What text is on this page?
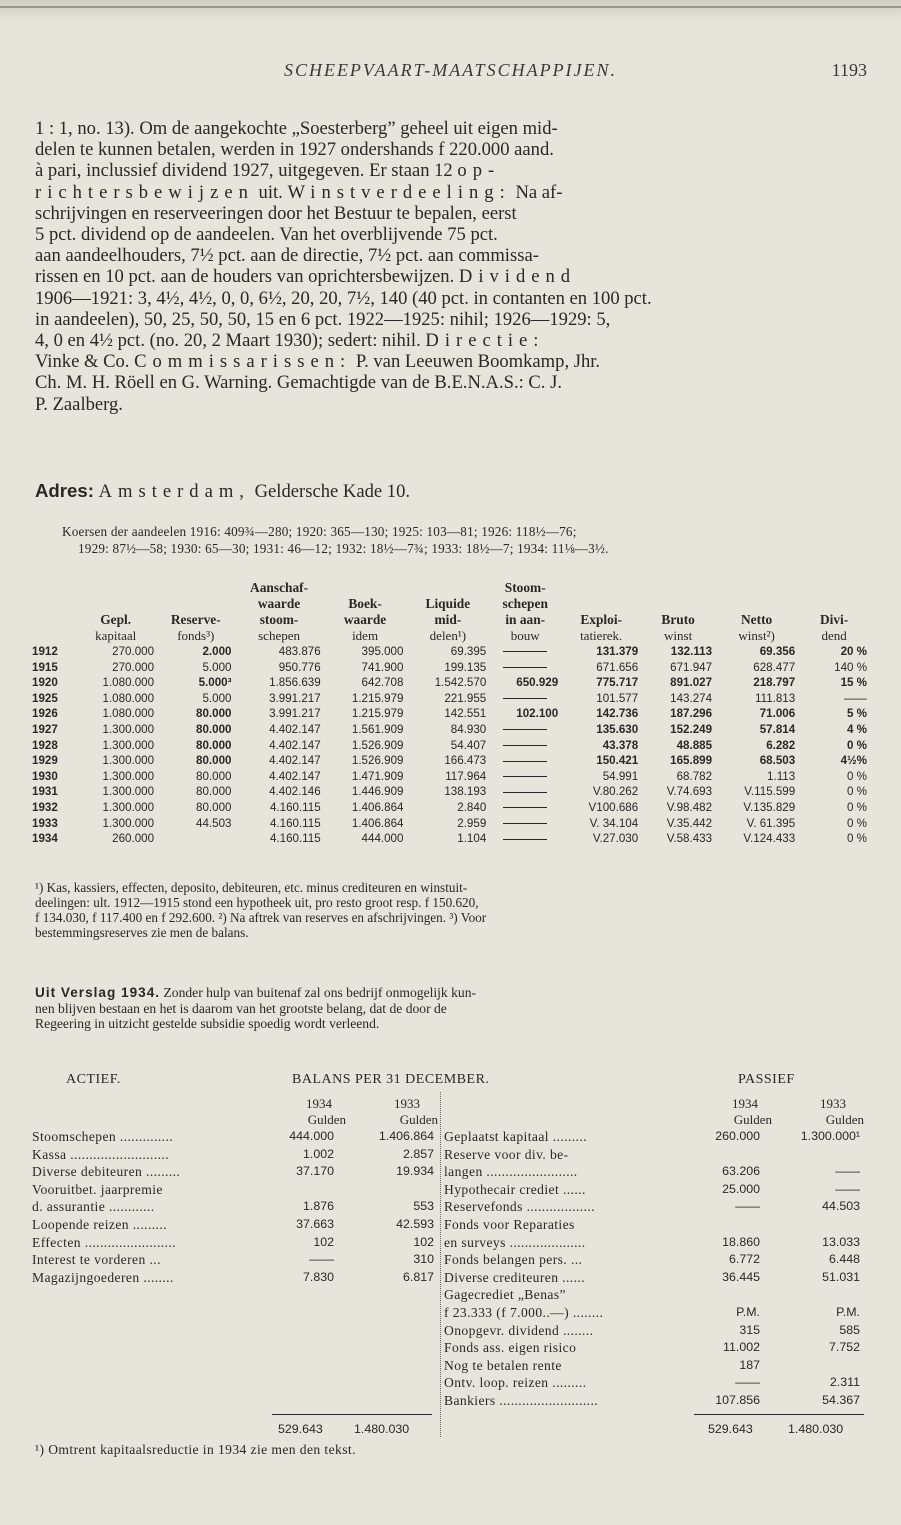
SCHEEPVAART-MAATSCHAPPIJEN.	1193

1 : 1, no. 13). Om de aangekochte „Soesterberg” geheel uit eigen mid-

delen te kunnen betalen, werden in 1927 ondershands f 220.000 aand.

à pari, inclussief dividend 1927, uitgegeven. Er staan 12 op-

richtersbewijzen uit. Winstverdeeling: Na af-

schrijvingen en reserveeringen door het Bestuur te bepalen, eerst

5 pct. dividend op de aandeelen. Van het overblijvende 75 pct.

aan aandeelhouders, 7½ pct. aan de directie, 7½ pct. aan commissa-

rissen en 10 pct. aan de houders van oprichtersbewijzen. Dividend

1906—1921: 3, 4½, 4½, 0, 0, 6½, 20, 20, 7½, 140 (40 pct. in contanten en 100 pct.

in aandeelen), 50, 25, 50, 50, 15 en 6 pct. 1922—1925: nihil; 1926—1929: 5,

4, 0 en 4½ pct. (no. 20, 2 Maart 1930); sedert: nihil. Directie:

Vinke & Co. Commissarissen: P. van Leeuwen Boomkamp, Jhr.

Ch. M. H. Röell en G. Warning. Gemachtigde van de B.E.N.A.S.: C. J.

P. Zaalberg.

Adres: Amsterdam, Geldersche Kade 10.

Koersen der aandeelen 1916: 409¾—280; 1920: 365—130; 1925: 103—81; 1926: 118½—76;

1929: 87½—58; 1930: 65—30; 1931: 46—12; 1932: 18½—7¾; 1933: 18½—7; 1934: 11⅛—3½.

			Aanschaf-			Stoom-				
			waarde	Boek-	Liquide	schepen				
	Gepl.	Reserve-	stoom-	waarde	mid-	in aan-	Exploi-	Bruto	Netto	Divi-
	kapitaal	fonds³)	schepen	idem	delen¹)	bouw	tatierek.	winst	winst²)	dend
1912	270.000	2.000	483.876	395.000	69.395		131.379	132.113	69.356	20 %
1915	270.000	5.000	950.776	741.900	199.135		671.656	671.947	628.477	140 %
1920	1.080.000	5.000³	1.856.639	642.708	1.542.570	650.929	775.717	891.027	218.797	15 %
1925	1.080.000	5.000	3.991.217	1.215.979	221.955		101.577	143.274	111.813	——
1926	1.080.000	80.000	3.991.217	1.215.979	142.551	102.100	142.736	187.296	71.006	5 %
1927	1.300.000	80.000	4.402.147	1.561.909	84.930		135.630	152.249	57.814	4 %
1928	1.300.000	80.000	4.402.147	1.526.909	54.407		43.378	48.885	6.282	0 %
1929	1.300.000	80.000	4.402.147	1.526.909	166.473		150.421	165.899	68.503	4½%
1930	1.300.000	80.000	4.402.147	1.471.909	117.964		54.991	68.782	1.113	0 %
1931	1.300.000	80.000	4.402.146	1.446.909	138.193		V.80.262	V.74.693	V.115.599	0 %
1932	1.300.000	80.000	4.160.115	1.406.864	2.840		V100.686	V.98.482	V.135.829	0 %
1933	1.300.000	44.503	4.160.115	1.406.864	2.959		V. 34.104	V.35.442	V. 61.395	0 %
1934	260.000		4.160.115	444.000	1.104		V.27.030	V.58.433	V.124.433	0 %

¹) Kas, kassiers, effecten, deposito, debiteuren, etc. minus crediteuren en winstuit-

deelingen: ult. 1912—1915 stond een hypotheek uit, pro resto groot resp. f 150.620,

f 134.030, f 117.400 en f 292.600. ²) Na aftrek van reserves en afschrijvingen. ³) Voor

bestemmingsreserves zie men de balans.

Uit Verslag 1934. Zonder hulp van buitenaf zal ons bedrijf onmogelijk kun-

nen blijven bestaan en het is daarom van het grootste belang, dat de door de

Regeering in uitzicht gestelde subsidie spoedig wordt verleend.

ACTIEF.	BALANS PER 31 DECEMBER.	PASSIEF
	1934	1933
	Gulden	Gulden
Stoomschepen ..............	444.000	1.406.864
Kassa ..........................	1.002	2.857
Diverse debiteuren .........	37.170	19.934
Vooruitbet. jaarpremie		
d. assurantie ............	1.876	553
Loopende reizen .........	37.663	42.593
Effecten ........................	102	102
Interest te vorderen ...	——	310
Magazijngoederen ........	7.830	6.817
	1934	1933
	Gulden	Gulden
Geplaatst kapitaal .........	260.000	1.300.000¹
Reserve voor div. be-		
langen ........................	63.206	——
Hypothecair crediet ......	25.000	——
Reservefonds ..................	——	44.503
Fonds voor Reparaties		
en surveys ....................	18.860	13.033
Fonds belangen pers. ...	6.772	6.448
Diverse crediteuren ......	36.445	51.031
Gagecrediet „Benas”		
f 23.333 (f 7.000..—) ........	P.M.	P.M.
Onopgevr. dividend ........	315	585
Fonds ass. eigen risico	11.002	7.752
Nog te betalen rente	187	
Ontv. loop. reizen .........	——	2.311
Bankiers ..........................	107.856	54.367
529.643	1.480.030	529.643	1.480.030
¹) Omtrent kapitaalsreductie in 1934 zie men den tekst.
